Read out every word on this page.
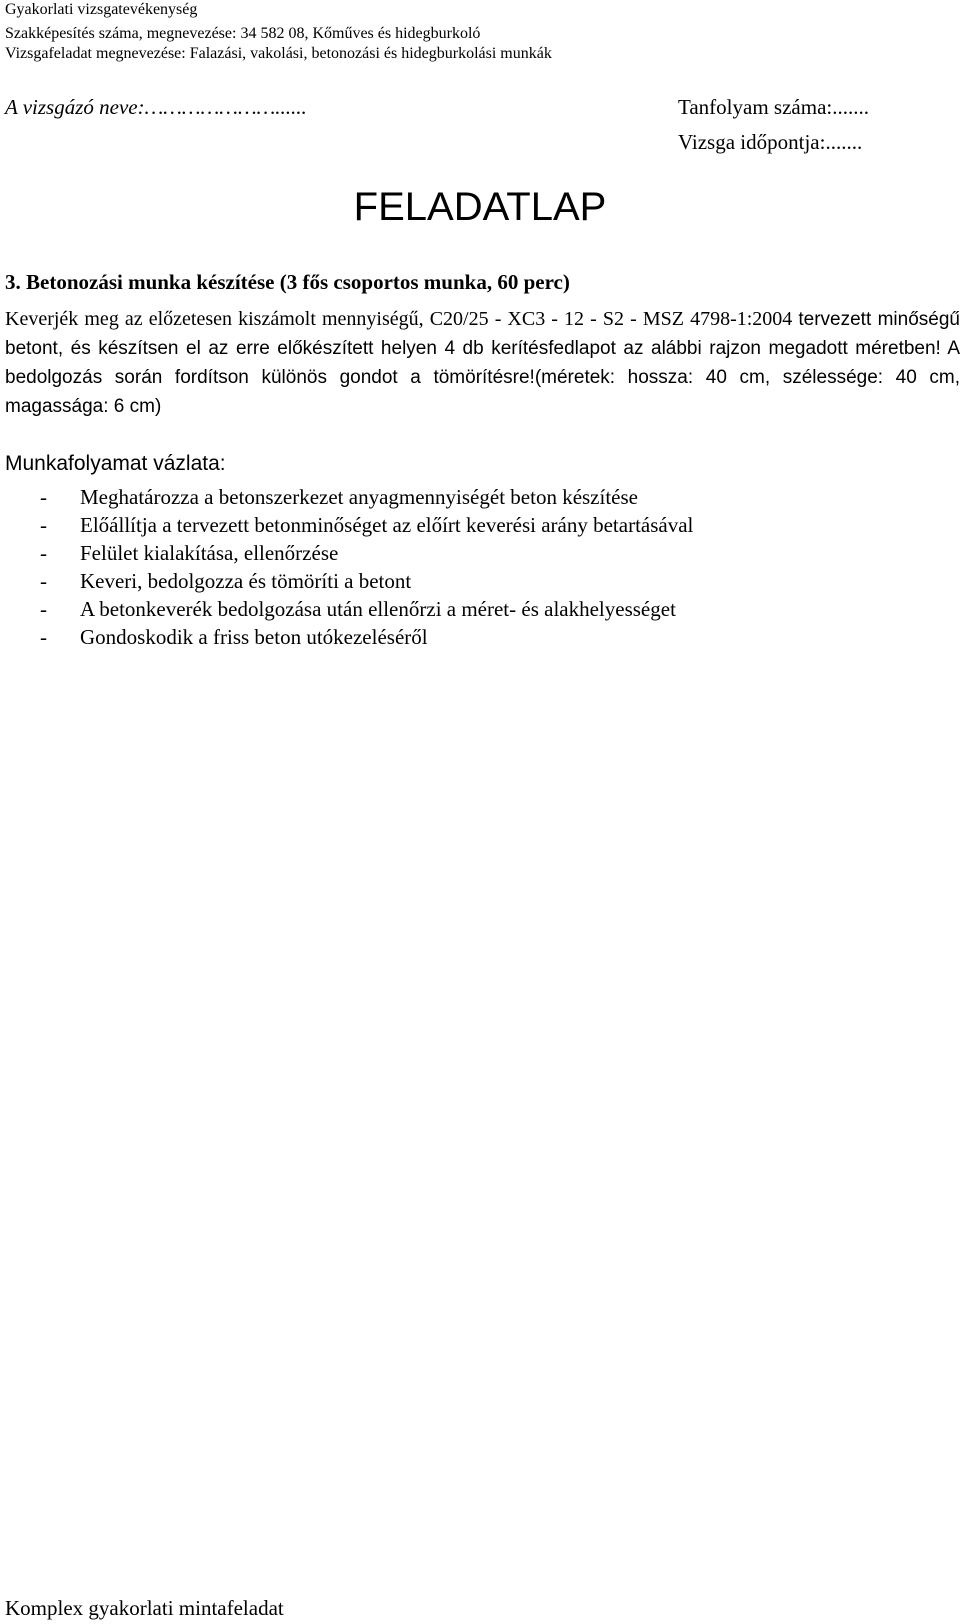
Gyakorlati vizsgatevékenység
Szakképesítés száma, megnevezése: 34 582 08, Kőműves és hidegburkoló
Vizsgafeladat megnevezése: Falazási, vakolási, betonozási és hidegburkolási munkák
A vizsgázó neve:…………………......	Tanfolyam száma:.......
Vizsga időpontja:.......
FELADATLAP
3. Betonozási munka készítése (3 fős csoportos munka, 60 perc)
Keverjék meg az előzetesen kiszámolt mennyiségű, C20/25 - XC3 - 12 - S2 - MSZ 4798-1:2004 tervezett minőségű betont, és készítsen el az erre előkészített helyen 4 db kerítésfedlapot az alábbi rajzon megadott méretben! A bedolgozás során fordítson különös gondot a tömörítésre!(méretek: hossza: 40 cm, szélessége: 40 cm, magassága: 6 cm)
Munkafolyamat vázlata:
-	Meghatározza a betonszerkezet anyagmennyiségét beton készítése
-	Előállítja a tervezett betonminőséget az előírt keverési arány betartásával
-	Felület kialakítása, ellenőrzése
-	Keveri, bedolgozza és tömöríti a betont
-	A betonkeverék bedolgozása után ellenőrzi a méret- és alakhelyességet
-	Gondoskodik a friss beton utókezeléséről
Komplex gyakorlati mintafeladat
